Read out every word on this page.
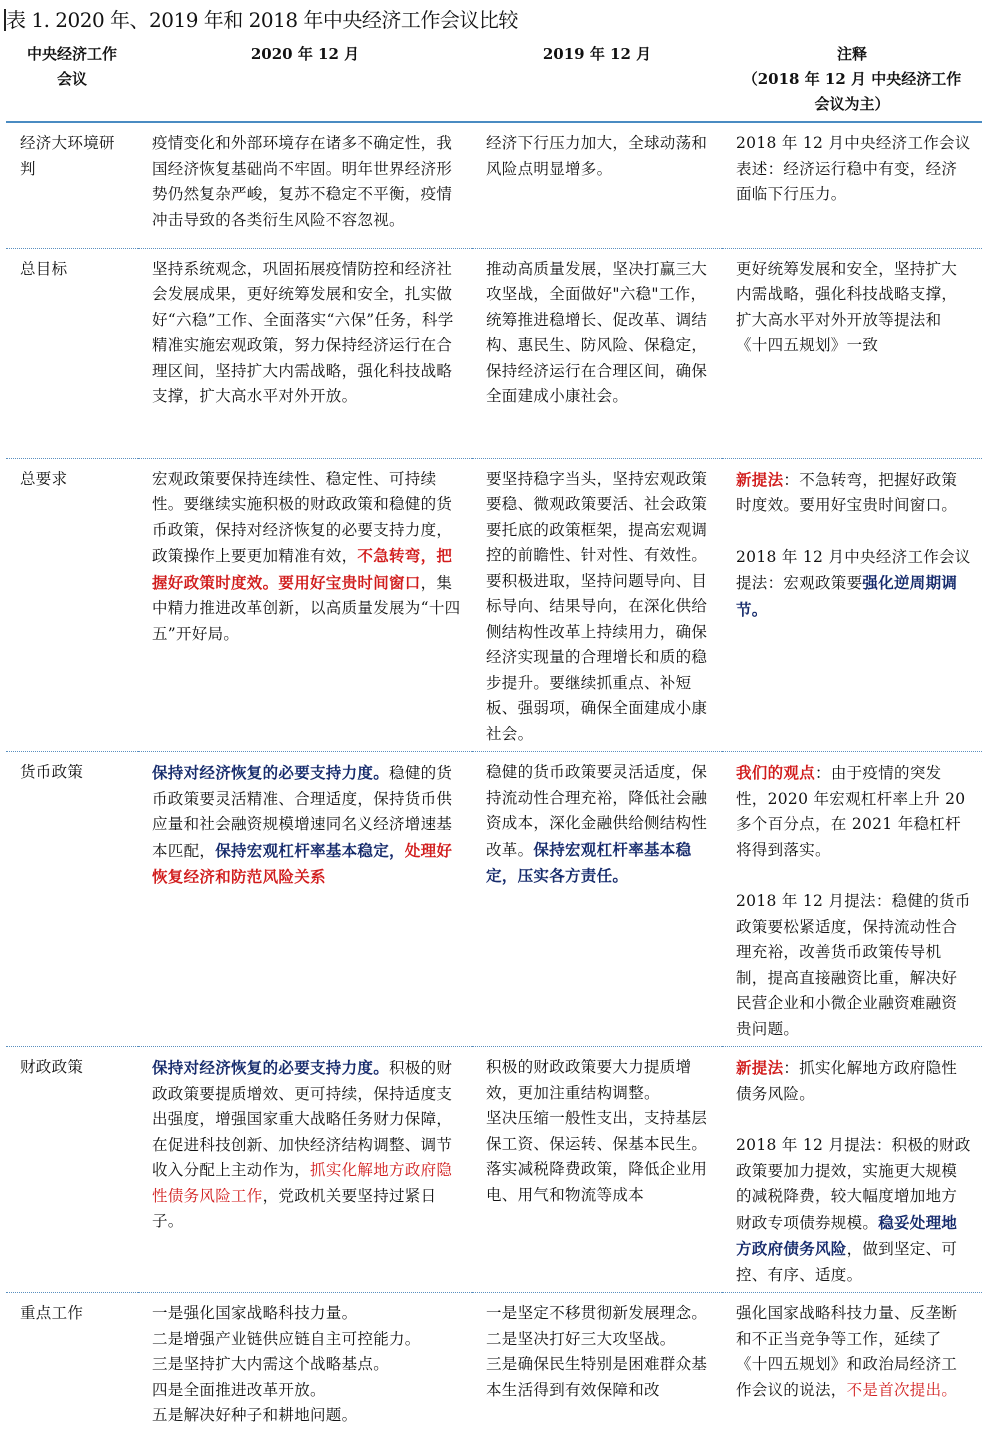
表 1. 2020 年、2019 年和 2018 年中央经济工作会议比较
中央经济工作
会议	2020 年 12 月	2019 年 12 月	注释
（2018 年 12 月 中央经济工作
会议为主）

经济大环境研判	疫情变化和外部环境存在诸多不确定性，我国经济恢复基础尚不牢固。明年世界经济形势仍然复杂严峻，复苏不稳定不平衡，疫情冲击导致的各类衍生风险不容忽视。	经济下行压力加大，全球动荡和风险点明显增多。	2018 年 12 月中央经济工作会议表述：经济运行稳中有变，经济面临下行压力。
总目标	坚持系统观念，巩固拓展疫情防控和经济社会发展成果，更好统筹发展和安全，扎实做好“六稳”工作、全面落实“六保”任务，科学精准实施宏观政策，努力保持经济运行在合理区间，坚持扩大内需战略，强化科技战略支撑，扩大高水平对外开放。	推动高质量发展，坚决打赢三大攻坚战，全面做好"六稳"工作，统筹推进稳增长、促改革、调结构、惠民生、防风险、保稳定，保持经济运行在合理区间，确保全面建成小康社会。	更好统筹发展和安全，坚持扩大内需战略，强化科技战略支撑，扩大高水平对外开放等提法和《十四五规划》一致
总要求	宏观政策要保持连续性、稳定性、可持续性。要继续实施积极的财政政策和稳健的货币政策，保持对经济恢复的必要支持力度，政策操作上要更加精准有效，不急转弯，把握好政策时度效。要用好宝贵时间窗口，集中精力推进改革创新，以高质量发展为“十四五”开好局。	要坚持稳字当头，坚持宏观政策要稳、微观政策要活、社会政策要托底的政策框架，提高宏观调控的前瞻性、针对性、有效性。要积极进取，坚持问题导向、目标导向、结果导向，在深化供给侧结构性改革上持续用力，确保经济实现量的合理增长和质的稳步提升。要继续抓重点、补短板、强弱项，确保全面建成小康社会。	新提法：不急转弯，把握好政策时度效。要用好宝贵时间窗口。
2018 年 12 月中央经济工作会议提法：宏观政策要强化逆周期调节。

货币政策	保持对经济恢复的必要支持力度。稳健的货币政策要灵活精准、合理适度，保持货币供应量和社会融资规模增速同名义经济增速基本匹配，保持宏观杠杆率基本稳定，处理好恢复经济和防范风险关系	稳健的货币政策要灵活适度，保持流动性合理充裕，降低社会融资成本，深化金融供给侧结构性改革。保持宏观杠杆率基本稳定，压实各方责任。	我们的观点：由于疫情的突发性，2020 年宏观杠杆率上升 20 多个百分点，在 2021 年稳杠杆将得到落实。
2018 年 12 月提法：稳健的货币政策要松紧适度，保持流动性合理充裕，改善货币政策传导机制，提高直接融资比重，解决好民营企业和小微企业融资难融资贵问题。

财政政策	保持对经济恢复的必要支持力度。积极的财政政策要提质增效、更可持续，保持适度支出强度，增强国家重大战略任务财力保障，在促进科技创新、加快经济结构调整、调节收入分配上主动作为，抓实化解地方政府隐性债务风险工作，党政机关要坚持过紧日子。	积极的财政政策要大力提质增效，更加注重结构调整。
坚决压缩一般性支出，支持基层保工资、保运转、保基本民生。
落实减税降费政策，降低企业用电、用气和物流等成本	新提法：抓实化解地方政府隐性债务风险。
2018 年 12 月提法：积极的财政政策要加力提效，实施更大规模的减税降费，较大幅度增加地方财政专项债券规模。稳妥处理地方政府债务风险，做到坚定、可控、有序、适度。

重点工作	一是强化国家战略科技力量。
二是增强产业链供应链自主可控能力。
三是坚持扩大内需这个战略基点。
四是全面推进改革开放。
五是解决好种子和耕地问题。	一是坚定不移贯彻新发展理念。
二是坚决打好三大攻坚战。
三是确保民生特别是困难群众基本生活得到有效保障和改	强化国家战略科技力量、反垄断和不正当竞争等工作，延续了《十四五规划》和政治局经济工作会议的说法，不是首次提出。
